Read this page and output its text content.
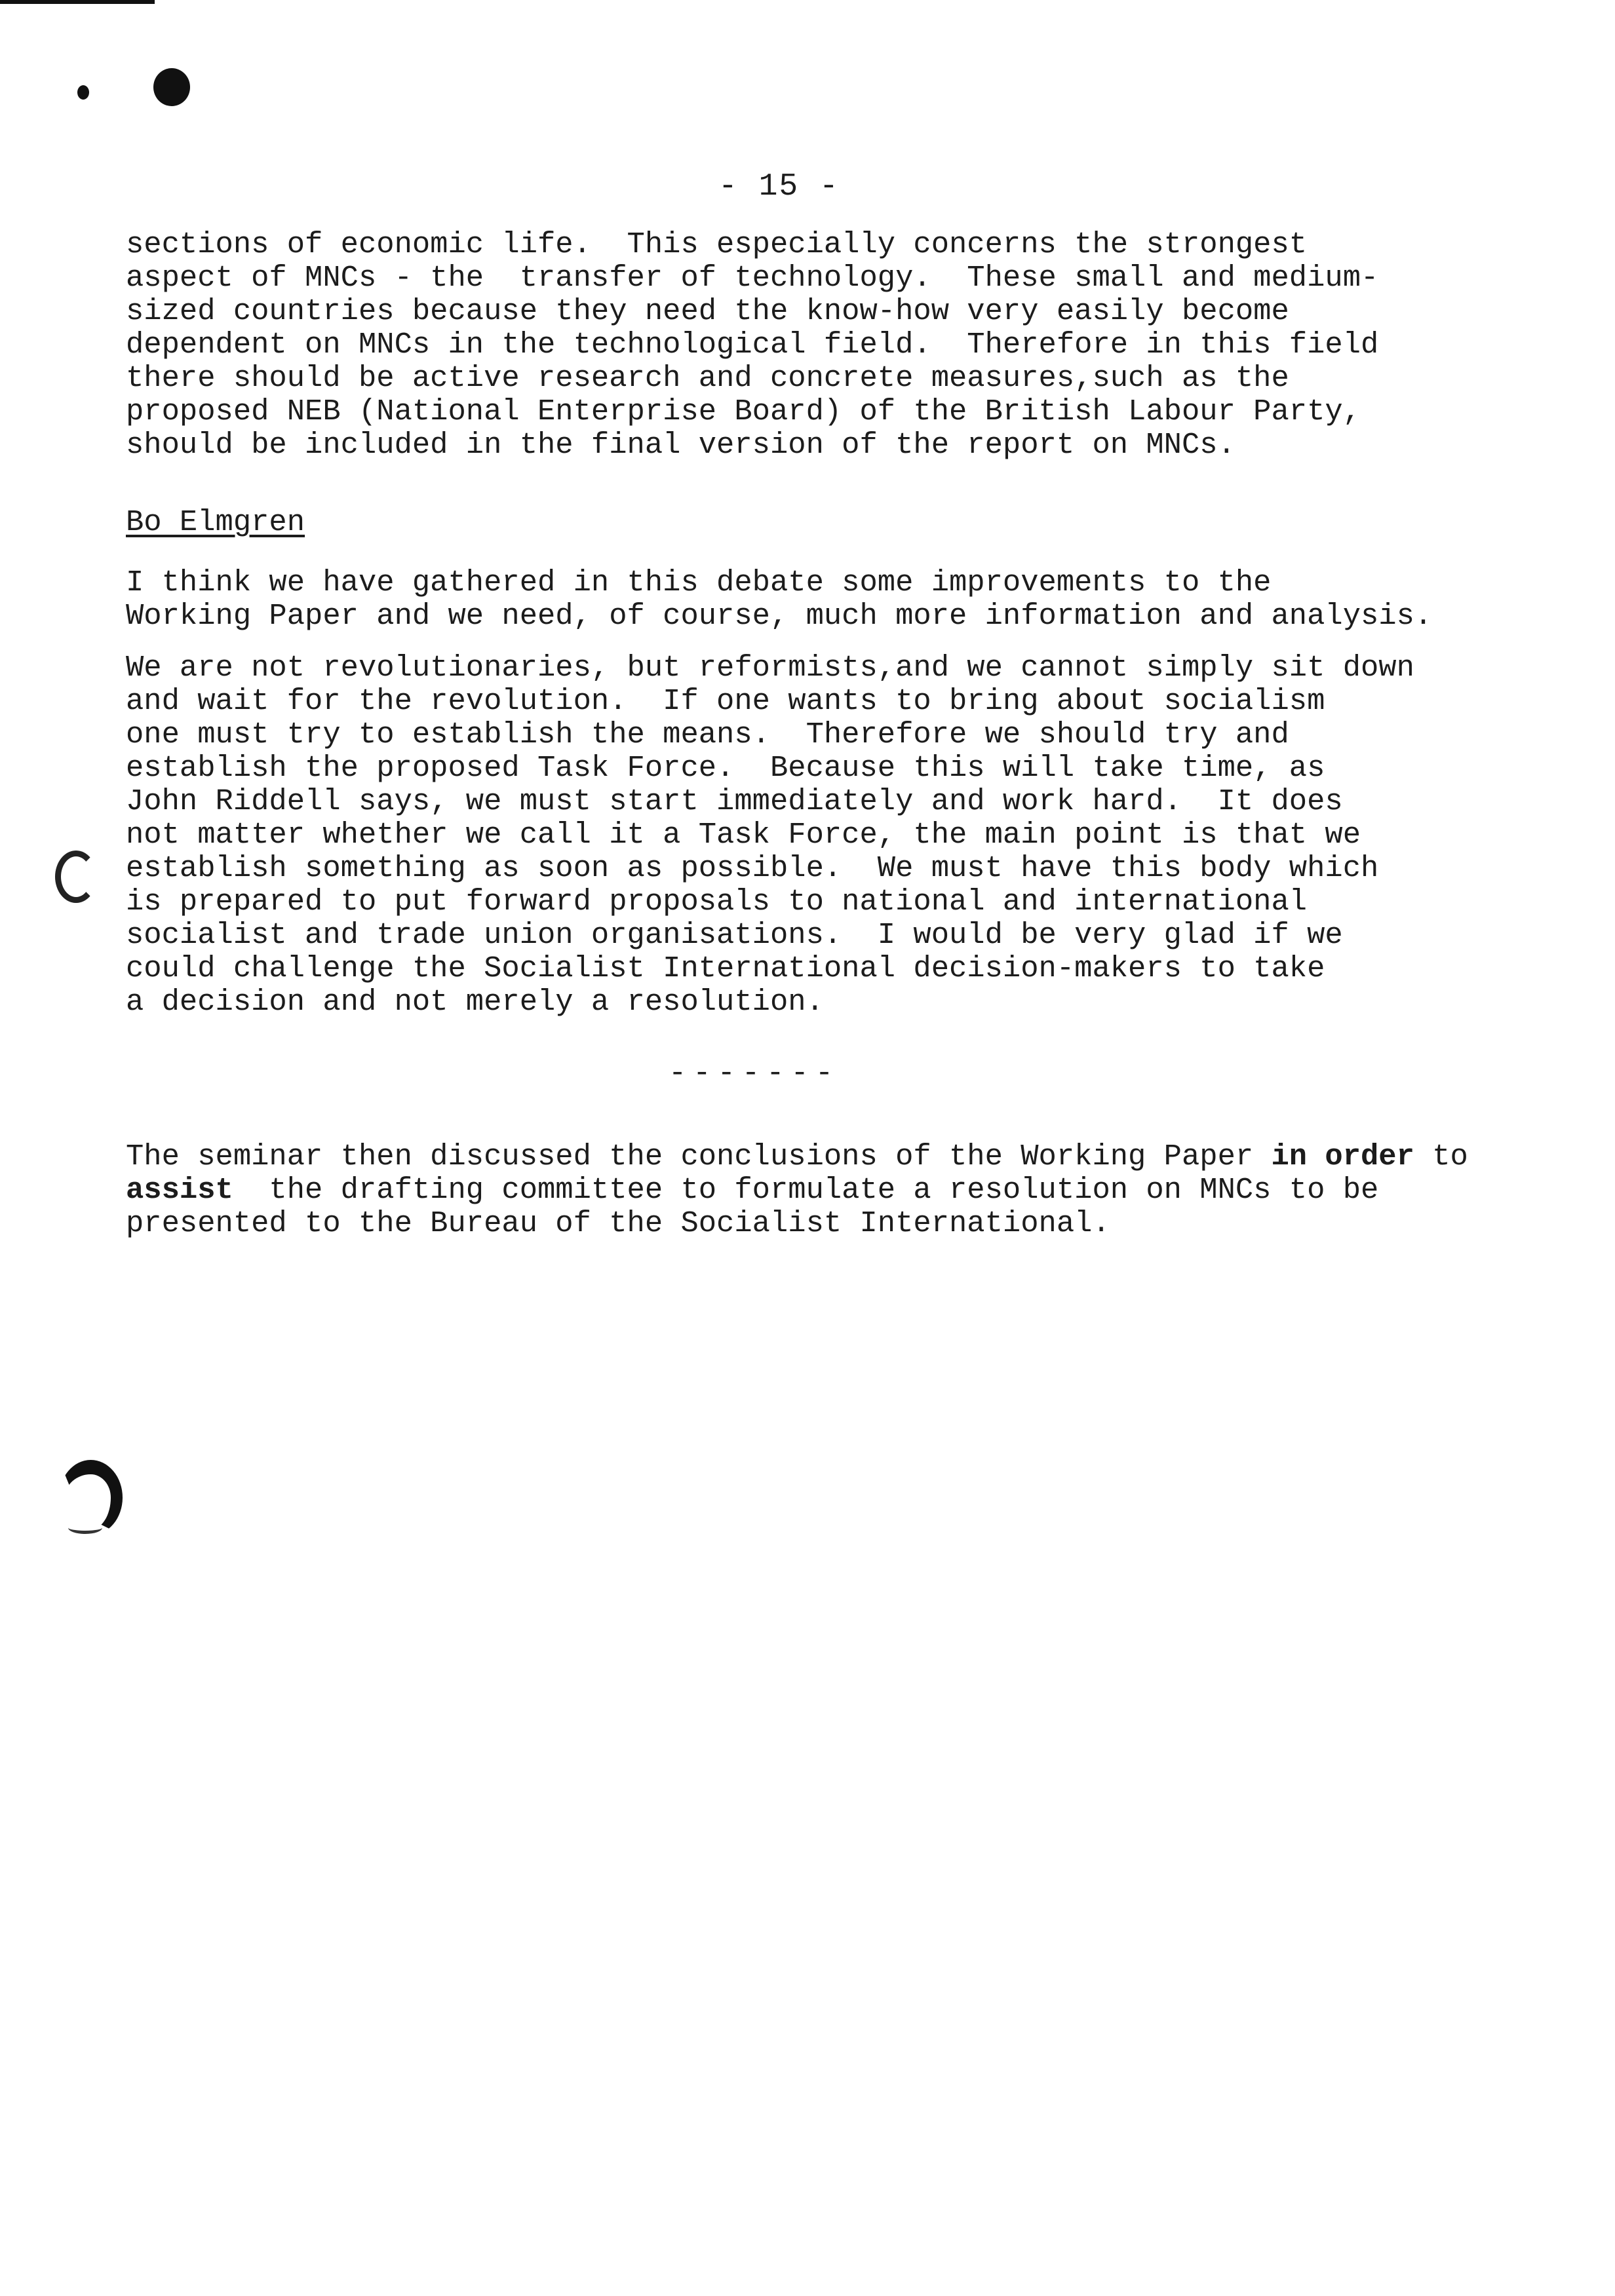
- 15 -
sections of economic life.  This especially concerns the strongest
aspect of MNCs - the  transfer of technology.  These small and medium-
sized countries because they need the know-how very easily become
dependent on MNCs in the technological field.  Therefore in this field
there should be active research and concrete measures,such as the
proposed NEB (National Enterprise Board) of the British Labour Party,
should be included in the final version of the report on MNCs.
Bo Elmgren
I think we have gathered in this debate some improvements to the
Working Paper and we need, of course, much more information and analysis.
We are not revolutionaries, but reformists,and we cannot simply sit down
and wait for the revolution.  If one wants to bring about socialism
one must try to establish the means.  Therefore we should try and
establish the proposed Task Force.  Because this will take time, as
John Riddell says, we must start immediately and work hard.  It does
not matter whether we call it a Task Force, the main point is that we
establish something as soon as possible.  We must have this body which
is prepared to put forward proposals to national and international
socialist and trade union organisations.  I would be very glad if we
could challenge the Socialist International decision-makers to take
a decision and not merely a resolution.
-------
The seminar then discussed the conclusions of the Working Paper in order to
assist  the drafting committee to formulate a resolution on MNCs to be
presented to the Bureau of the Socialist International.
